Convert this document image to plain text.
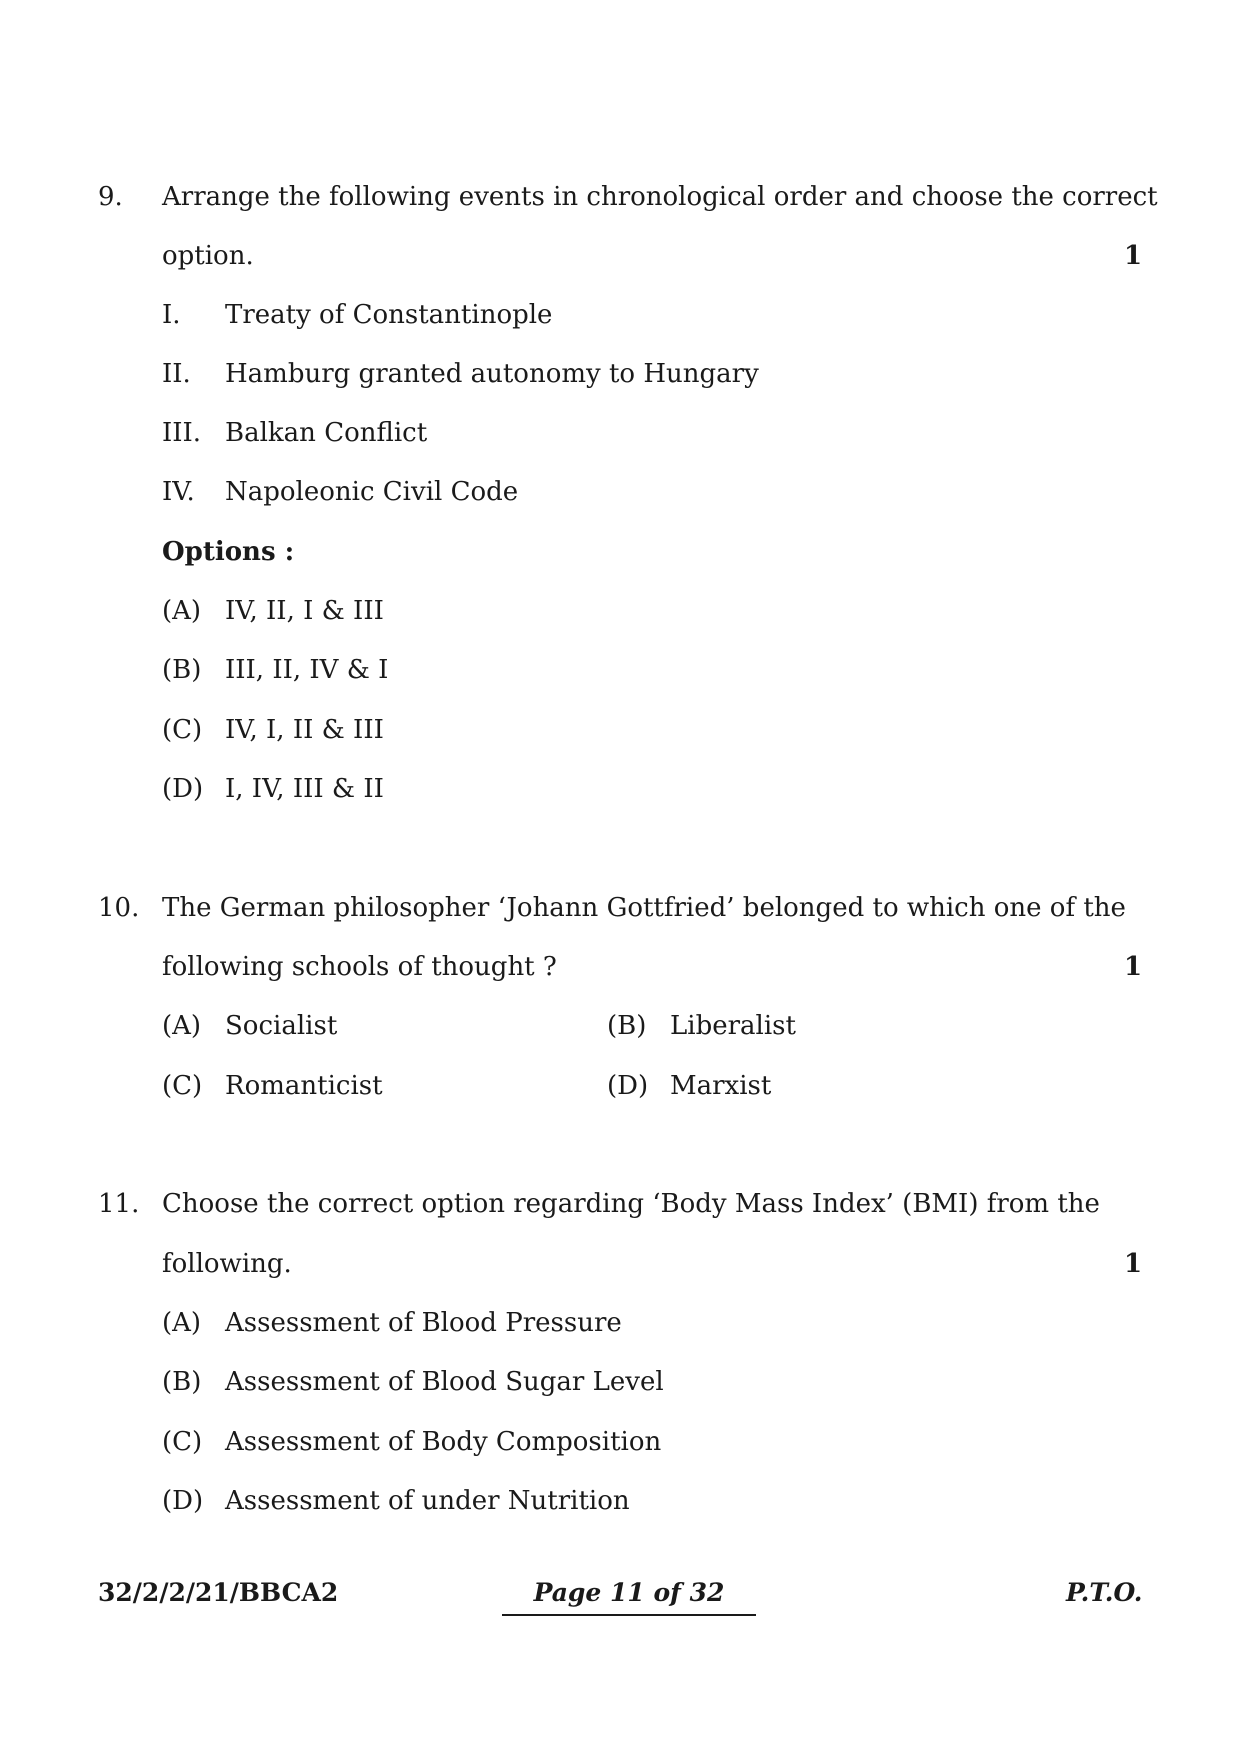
9. Arrange the following events in chronological order and choose the correct
option.	1
I. Treaty of Constantinople
II. Hamburg granted autonomy to Hungary
III. Balkan Conflict
IV. Napoleonic Civil Code
Options :
(A) IV, II, I & III
(B) III, II, IV & I
(C) IV, I, II & III
(D) I, IV, III & II
10. The German philosopher ‘Johann Gottfried’ belonged to which one of the
following schools of thought ?	1
(A) Socialist	(B) Liberalist
(C) Romanticist	(D) Marxist
11. Choose the correct option regarding ‘Body Mass Index’ (BMI) from the
following.	1
(A) Assessment of Blood Pressure
(B) Assessment of Blood Sugar Level
(C) Assessment of Body Composition
(D) Assessment of under Nutrition
32/2/2/21/BBCA2	Page 11 of 32	P.T.O.
